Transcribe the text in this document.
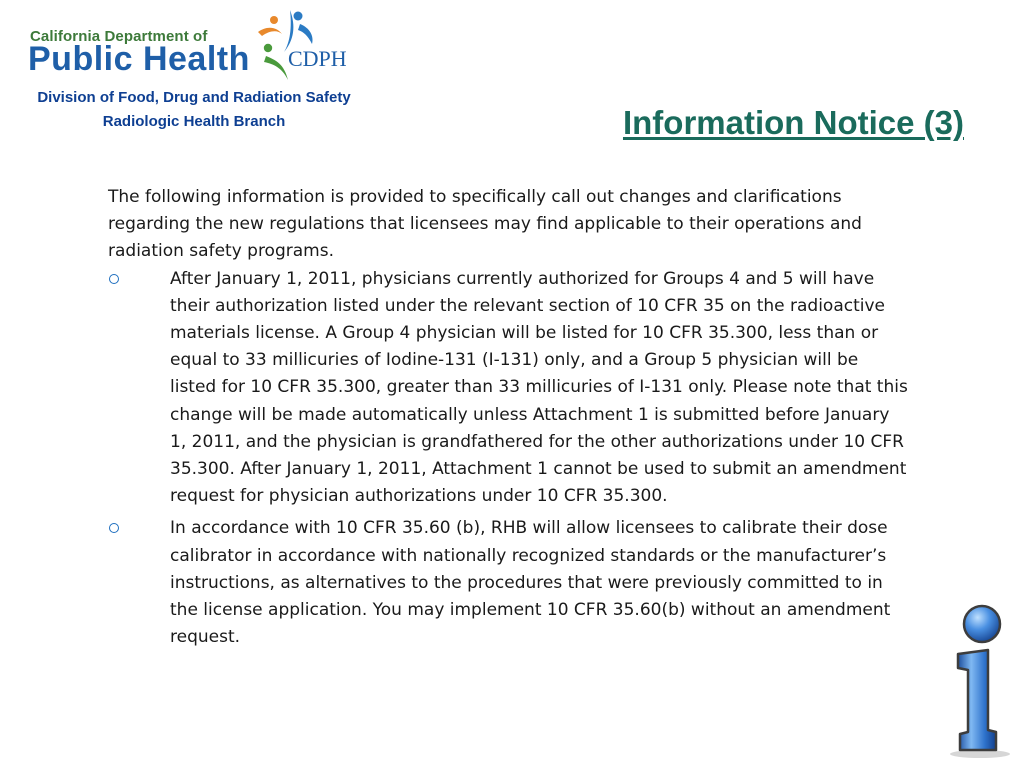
California Department of
Public Health CDPH
Division of Food, Drug and Radiation Safety
Radiologic Health Branch	Information Notice (3)

The following information is provided to specifically call out changes and clarifications regarding the new regulations that licensees may find applicable to their operations and radiation safety programs.

After January 1, 2011, physicians currently authorized for Groups 4 and 5 will have their authorization listed under the relevant section of 10 CFR 35 on the radioactive materials license. A Group 4 physician will be listed for 10 CFR 35.300, less than or equal to 33 millicuries of Iodine-131 (I-131) only, and a Group 5 physician will be listed for 10 CFR 35.300, greater than 33 millicuries of I-131 only. Please note that this change will be made automatically unless Attachment 1 is submitted before January 1, 2011, and the physician is grandfathered for the other authorizations under 10 CFR 35.300. After January 1, 2011, Attachment 1 cannot be used to submit an amendment request for physician authorizations under 10 CFR 35.300.
In accordance with 10 CFR 35.60 (b), RHB will allow licensees to calibrate their dose calibrator in accordance with nationally recognized standards or the manufacturer’s instructions, as alternatives to the procedures that were previously committed to in the license application. You may implement 10 CFR 35.60(b) without an amendment request.
